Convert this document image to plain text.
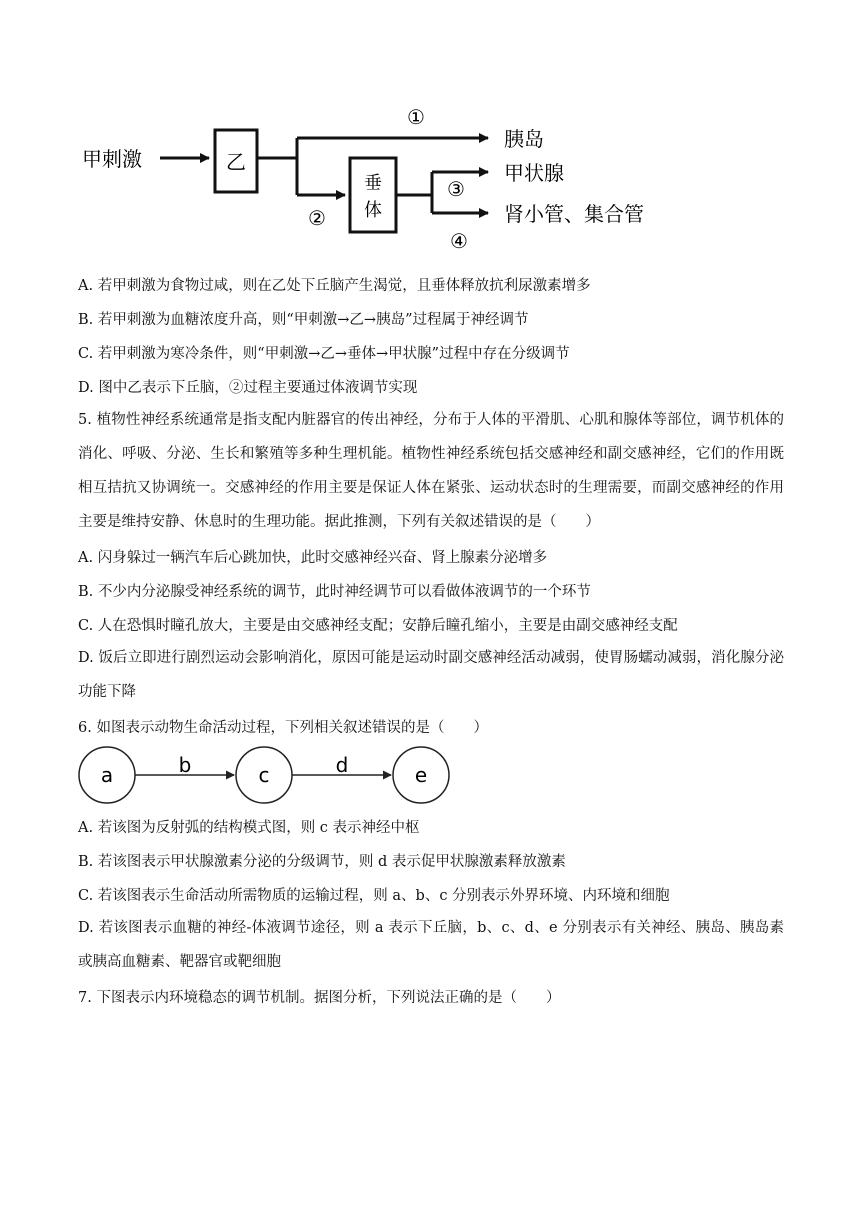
甲刺激	乙
①
胰岛
②
垂
体
③
甲状腺
④
肾小管、集合管
A. 若甲刺激为食物过咸，则在乙处下丘脑产生渴觉，且垂体释放抗利尿激素增多
B. 若甲刺激为血糖浓度升高，则“甲刺激→乙→胰岛”过程属于神经调节
C. 若甲刺激为寒冷条件，则“甲刺激→乙→垂体→甲状腺”过程中存在分级调节
D. 图中乙表示下丘脑，②过程主要通过体液调节实现
5. 植物性神经系统通常是指支配内脏器官的传出神经，分布于人体的平滑肌、心肌和腺体等部位，调节机体的消化、呼吸、分泌、生长和繁殖等多种生理机能。植物性神经系统包括交感神经和副交感神经，它们的作用既相互拮抗又协调统一。交感神经的作用主要是保证人体在紧张、运动状态时的生理需要，而副交感神经的作用主要是维持安静、休息时的生理功能。据此推测，下列有关叙述错误的是（　　）
A. 闪身躲过一辆汽车后心跳加快，此时交感神经兴奋、肾上腺素分泌增多
B. 不少内分泌腺受神经系统的调节，此时神经调节可以看做体液调节的一个环节
C. 人在恐惧时瞳孔放大，主要是由交感神经支配；安静后瞳孔缩小，主要是由副交感神经支配
D. 饭后立即进行剧烈运动会影响消化，原因可能是运动时副交感神经活动减弱，使胃肠蠕动减弱，消化腺分泌功能下降
6. 如图表示动物生命活动过程，下列相关叙述错误的是（　　）
a	b	c	d	e
A. 若该图为反射弧的结构模式图，则 c 表示神经中枢
B. 若该图表示甲状腺激素分泌的分级调节，则 d 表示促甲状腺激素释放激素
C. 若该图表示生命活动所需物质的运输过程，则 a、b、c 分别表示外界环境、内环境和细胞
D. 若该图表示血糖的神经-体液调节途径，则 a 表示下丘脑，b、c、d、e 分别表示有关神经、胰岛、胰岛素或胰高血糖素、靶器官或靶细胞
7. 下图表示内环境稳态的调节机制。据图分析，下列说法正确的是（　　）
